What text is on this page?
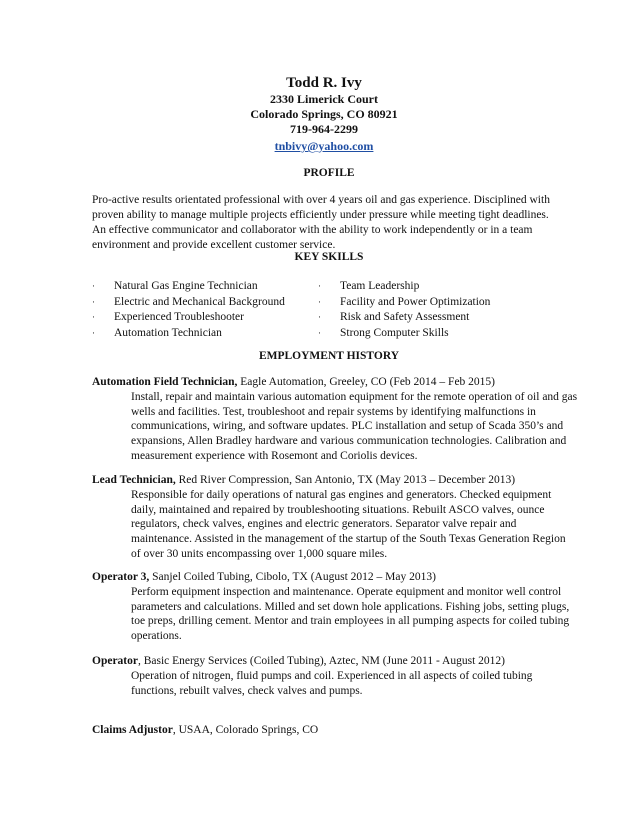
Todd R. Ivy
2330 Limerick Court
Colorado Springs, CO 80921
719-964-2299
tnbivy@yahoo.com
PROFILE

Pro-active results orientated professional with over 4 years oil and gas experience. Disciplined with proven ability to manage multiple projects efficiently under pressure while meeting tight deadlines. An effective communicator and collaborator with the ability to work independently or in a team environment and provide excellent customer service.

KEY SKILLS
· Natural Gas Engine Technician
· Electric and Mechanical Background
· Experienced Troubleshooter
· Automation Technician
· Team Leadership
· Facility and Power Optimization
· Risk and Safety Assessment
· Strong Computer Skills
EMPLOYMENT HISTORY
Automation Field Technician, Eagle Automation, Greeley, CO (Feb 2014 – Feb 2015)
Install, repair and maintain various automation equipment for the remote operation of oil and gas wells and facilities. Test, troubleshoot and repair systems by identifying malfunctions in communications, wiring, and software updates. PLC installation and setup of Scada 350’s and expansions, Allen Bradley hardware and various communication technologies. Calibration and measurement experience with Rosemont and Coriolis devices.
Lead Technician, Red River Compression, San Antonio, TX (May 2013 – December 2013)
Responsible for daily operations of natural gas engines and generators. Checked equipment daily, maintained and repaired by troubleshooting situations. Rebuilt ASCO valves, ounce regulators, check valves, engines and electric generators. Separator valve repair and maintenance. Assisted in the management of the startup of the South Texas Generation Region of over 30 units encompassing over 1,000 square miles.
Operator 3, Sanjel Coiled Tubing, Cibolo, TX (August 2012 – May 2013)
Perform equipment inspection and maintenance. Operate equipment and monitor well control parameters and calculations. Milled and set down hole applications. Fishing jobs, setting plugs, toe preps, drilling cement. Mentor and train employees in all pumping aspects for coiled tubing operations.
Operator, Basic Energy Services (Coiled Tubing), Aztec, NM (June 2011 - August 2012)
Operation of nitrogen, fluid pumps and coil. Experienced in all aspects of coiled tubing functions, rebuilt valves, check valves and pumps.
Claims Adjustor, USAA, Colorado Springs, CO
